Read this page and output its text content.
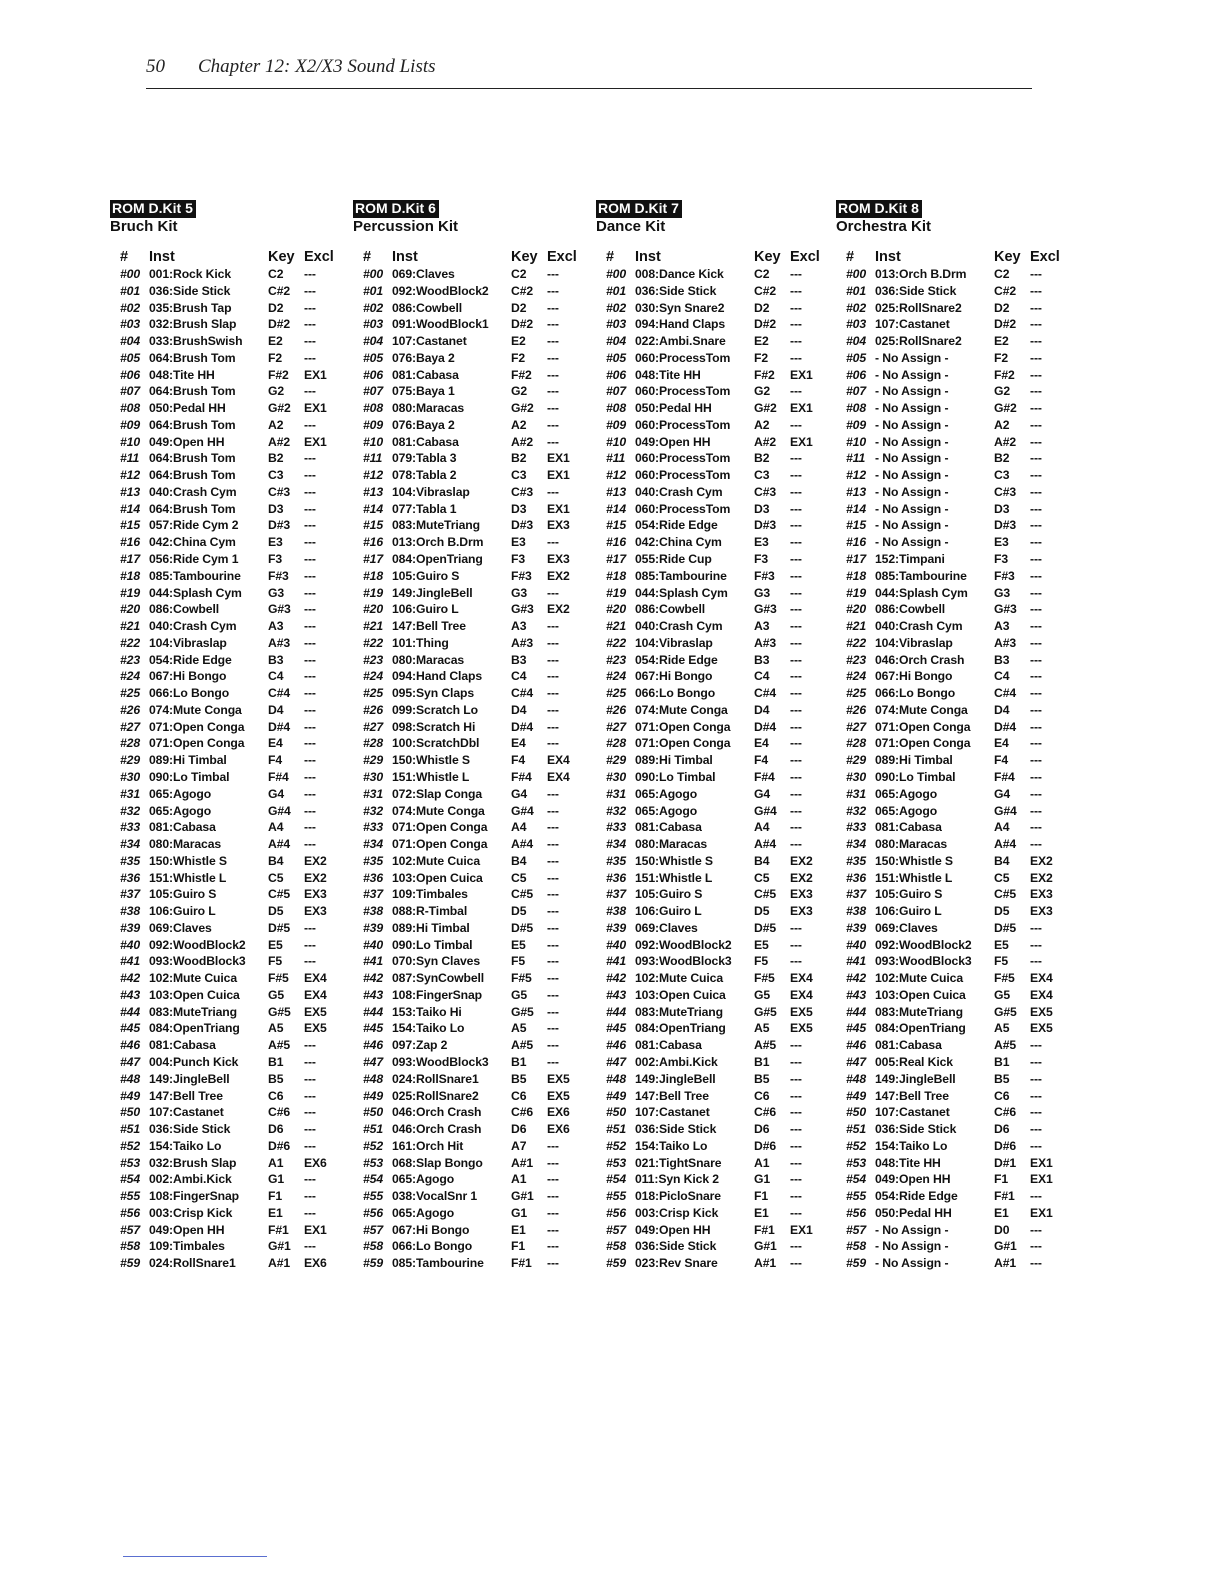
50 Chapter 12: X2/X3 Sound Lists
ROM D.Kit 5
Bruch Kit
#	Inst	Key Excl
#00 001:Rock Kick	C2	---
#01 036:Side Stick	C#2	---
#02 035:Brush Tap	D2	---
#03 032:Brush Slap	D#2	---
#04 033:BrushSwish	E2	---
#05 064:Brush Tom	F2	---
#06 048:Tite HH	F#2	EX1
#07 064:Brush Tom	G2	---
#08 050:Pedal HH	G#2	EX1
#09 064:Brush Tom	A2	---
#10 049:Open HH	A#2	EX1
#11 064:Brush Tom	B2	---
#12 064:Brush Tom	C3	---
#13 040:Crash Cym	C#3	---
#14 064:Brush Tom	D3	---
#15 057:Ride Cym 2	D#3	---
#16 042:China Cym	E3	---
#17 056:Ride Cym 1	F3	---
#18 085:Tambourine	F#3	---
#19 044:Splash Cym	G3	---
#20 086:Cowbell	G#3	---
#21 040:Crash Cym	A3	---
#22 104:Vibraslap	A#3	---
#23 054:Ride Edge	B3	---
#24 067:Hi Bongo	C4	---
#25 066:Lo Bongo	C#4	---
#26 074:Mute Conga	D4	---
#27 071:Open Conga	D#4	---
#28 071:Open Conga	E4	---
#29 089:Hi Timbal	F4	---
#30 090:Lo Timbal	F#4	---
#31 065:Agogo	G4	---
#32 065:Agogo	G#4	---
#33 081:Cabasa	A4	---
#34 080:Maracas	A#4	---
#35 150:Whistle S	B4	EX2
#36 151:Whistle L	C5	EX2
#37 105:Guiro S	C#5	EX3
#38 106:Guiro L	D5	EX3
#39 069:Claves	D#5	---
#40 092:WoodBlock2	E5	---
#41 093:WoodBlock3	F5	---
#42 102:Mute Cuica	F#5	EX4
#43 103:Open Cuica	G5	EX4
#44 083:MuteTriang	G#5	EX5
#45 084:OpenTriang	A5	EX5
#46 081:Cabasa	A#5	---
#47 004:Punch Kick	B1	---
#48 149:JingleBell	B5	---
#49 147:Bell Tree	C6	---
#50 107:Castanet	C#6	---
#51 036:Side Stick	D6	---
#52 154:Taiko Lo	D#6	---
#53 032:Brush Slap	A1	EX6
#54 002:Ambi.Kick	G1	---
#55 108:FingerSnap	F1	---
#56 003:Crisp Kick	E1	---
#57 049:Open HH	F#1	EX1
#58 109:Timbales	G#1	---
#59 024:RollSnare1	A#1	EX6
ROM D.Kit 6
Percussion Kit
#	Inst	Key Excl
#00 069:Claves	C2	---
#01 092:WoodBlock2	C#2	---
#02 086:Cowbell	D2	---
#03 091:WoodBlock1	D#2	---
#04 107:Castanet	E2	---
#05 076:Baya 2	F2	---
#06 081:Cabasa	F#2	---
#07 075:Baya 1	G2	---
#08 080:Maracas	G#2	---
#09 076:Baya 2	A2	---
#10 081:Cabasa	A#2	---
#11 079:Tabla 3	B2	EX1
#12 078:Tabla 2	C3	EX1
#13 104:Vibraslap	C#3	---
#14 077:Tabla 1	D3	EX1
#15 083:MuteTriang	D#3	EX3
#16 013:Orch B.Drm	E3	---
#17 084:OpenTriang	F3	EX3
#18 105:Guiro S	F#3	EX2
#19 149:JingleBell	G3	---
#20 106:Guiro L	G#3	EX2
#21 147:Bell Tree	A3	---
#22 101:Thing	A#3	---
#23 080:Maracas	B3	---
#24 094:Hand Claps	C4	---
#25 095:Syn Claps	C#4	---
#26 099:Scratch Lo	D4	---
#27 098:Scratch Hi	D#4	---
#28 100:ScratchDbl	E4	---
#29 150:Whistle S	F4	EX4
#30 151:Whistle L	F#4	EX4
#31 072:Slap Conga	G4	---
#32 074:Mute Conga	G#4	---
#33 071:Open Conga	A4	---
#34 071:Open Conga	A#4	---
#35 102:Mute Cuica	B4	---
#36 103:Open Cuica	C5	---
#37 109:Timbales	C#5	---
#38 088:R-Timbal	D5	---
#39 089:Hi Timbal	D#5	---
#40 090:Lo Timbal	E5	---
#41 070:Syn Claves	F5	---
#42 087:SynCowbell	F#5	---
#43 108:FingerSnap	G5	---
#44 153:Taiko Hi	G#5	---
#45 154:Taiko Lo	A5	---
#46 097:Zap 2	A#5	---
#47 093:WoodBlock3	B1	---
#48 024:RollSnare1	B5	EX5
#49 025:RollSnare2	C6	EX5
#50 046:Orch Crash	C#6	EX6
#51 046:Orch Crash	D6	EX6
#52 161:Orch Hit	A7	---
#53 068:Slap Bongo	A#1	---
#54 065:Agogo	A1	---
#55 038:VocalSnr 1	G#1	---
#56 065:Agogo	G1	---
#57 067:Hi Bongo	E1	---
#58 066:Lo Bongo	F1	---
#59 085:Tambourine	F#1	---
ROM D.Kit 7
Dance Kit
#	Inst	Key Excl
#00 008:Dance Kick	C2	---
#01 036:Side Stick	C#2	---
#02 030:Syn Snare2	D2	---
#03 094:Hand Claps	D#2	---
#04 022:Ambi.Snare	E2	---
#05 060:ProcessTom	F2	---
#06 048:Tite HH	F#2	EX1
#07 060:ProcessTom	G2	---
#08 050:Pedal HH	G#2	EX1
#09 060:ProcessTom	A2	---
#10 049:Open HH	A#2	EX1
#11 060:ProcessTom	B2	---
#12 060:ProcessTom	C3	---
#13 040:Crash Cym	C#3	---
#14 060:ProcessTom	D3	---
#15 054:Ride Edge	D#3	---
#16 042:China Cym	E3	---
#17 055:Ride Cup	F3	---
#18 085:Tambourine	F#3	---
#19 044:Splash Cym	G3	---
#20 086:Cowbell	G#3	---
#21 040:Crash Cym	A3	---
#22 104:Vibraslap	A#3	---
#23 054:Ride Edge	B3	---
#24 067:Hi Bongo	C4	---
#25 066:Lo Bongo	C#4	---
#26 074:Mute Conga	D4	---
#27 071:Open Conga	D#4	---
#28 071:Open Conga	E4	---
#29 089:Hi Timbal	F4	---
#30 090:Lo Timbal	F#4	---
#31 065:Agogo	G4	---
#32 065:Agogo	G#4	---
#33 081:Cabasa	A4	---
#34 080:Maracas	A#4	---
#35 150:Whistle S	B4	EX2
#36 151:Whistle L	C5	EX2
#37 105:Guiro S	C#5	EX3
#38 106:Guiro L	D5	EX3
#39 069:Claves	D#5	---
#40 092:WoodBlock2	E5	---
#41 093:WoodBlock3	F5	---
#42 102:Mute Cuica	F#5	EX4
#43 103:Open Cuica	G5	EX4
#44 083:MuteTriang	G#5	EX5
#45 084:OpenTriang	A5	EX5
#46 081:Cabasa	A#5	---
#47 002:Ambi.Kick	B1	---
#48 149:JingleBell	B5	---
#49 147:Bell Tree	C6	---
#50 107:Castanet	C#6	---
#51 036:Side Stick	D6	---
#52 154:Taiko Lo	D#6	---
#53 021:TightSnare	A1	---
#54 011:Syn Kick 2	G1	---
#55 018:PicloSnare	F1	---
#56 003:Crisp Kick	E1	---
#57 049:Open HH	F#1	EX1
#58 036:Side Stick	G#1	---
#59 023:Rev Snare	A#1	---
ROM D.Kit 8
Orchestra Kit
#	Inst	Key Excl
#00 013:Orch B.Drm	C2	---
#01 036:Side Stick	C#2	---
#02 025:RollSnare2	D2	---
#03 107:Castanet	D#2	---
#04 025:RollSnare2	E2	---
#05 - No Assign -	F2	---
#06 - No Assign -	F#2	---
#07 - No Assign -	G2	---
#08 - No Assign -	G#2	---
#09 - No Assign -	A2	---
#10 - No Assign -	A#2	---
#11 - No Assign -	B2	---
#12 - No Assign -	C3	---
#13 - No Assign -	C#3	---
#14 - No Assign -	D3	---
#15 - No Assign -	D#3	---
#16 - No Assign -	E3	---
#17 152:Timpani	F3	---
#18 085:Tambourine	F#3	---
#19 044:Splash Cym	G3	---
#20 086:Cowbell	G#3	---
#21 040:Crash Cym	A3	---
#22 104:Vibraslap	A#3	---
#23 046:Orch Crash	B3	---
#24 067:Hi Bongo	C4	---
#25 066:Lo Bongo	C#4	---
#26 074:Mute Conga	D4	---
#27 071:Open Conga	D#4	---
#28 071:Open Conga	E4	---
#29 089:Hi Timbal	F4	---
#30 090:Lo Timbal	F#4	---
#31 065:Agogo	G4	---
#32 065:Agogo	G#4	---
#33 081:Cabasa	A4	---
#34 080:Maracas	A#4	---
#35 150:Whistle S	B4	EX2
#36 151:Whistle L	C5	EX2
#37 105:Guiro S	C#5	EX3
#38 106:Guiro L	D5	EX3
#39 069:Claves	D#5	---
#40 092:WoodBlock2	E5	---
#41 093:WoodBlock3	F5	---
#42 102:Mute Cuica	F#5	EX4
#43 103:Open Cuica	G5	EX4
#44 083:MuteTriang	G#5	EX5
#45 084:OpenTriang	A5	EX5
#46 081:Cabasa	A#5	---
#47 005:Real Kick	B1	---
#48 149:JingleBell	B5	---
#49 147:Bell Tree	C6	---
#50 107:Castanet	C#6	---
#51 036:Side Stick	D6	---
#52 154:Taiko Lo	D#6	---
#53 048:Tite HH	D#1	EX1
#54 049:Open HH	F1	EX1
#55 054:Ride Edge	F#1	---
#56 050:Pedal HH	E1	EX1
#57 - No Assign -	D0	---
#58 - No Assign -	G#1	---
#59 - No Assign -	A#1	---
